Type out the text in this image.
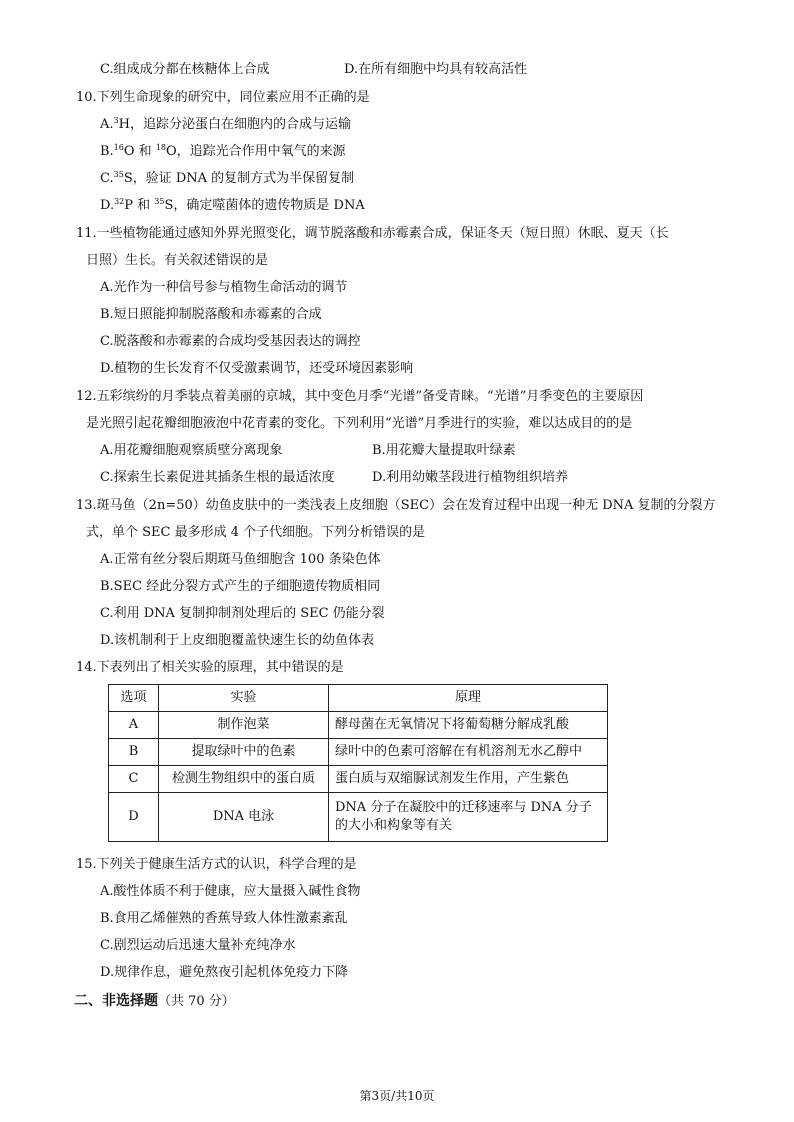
C.组成成分都在核糖体上合成	D.在所有细胞中均具有较高活性
10.下列生命现象的研究中，同位素应用不正确的是
A.$^3$H，追踪分泌蛋白在细胞内的合成与运输
B.$^{16}$O 和 $^{18}$O，追踪光合作用中氧气的来源
C.$^{35}$S，验证 DNA 的复制方式为半保留复制
D.$^{32}$P 和 $^{35}$S，确定噬菌体的遗传物质是 DNA
11.一些植物能通过感知外界光照变化，调节脱落酸和赤霉素合成，保证冬天（短日照）休眠、夏天（长
日照）生长。有关叙述错误的是
A.光作为一种信号参与植物生命活动的调节
B.短日照能抑制脱落酸和赤霉素的合成
C.脱落酸和赤霉素的合成均受基因表达的调控
D.植物的生长发育不仅受激素调节，还受环境因素影响
12.五彩缤纷的月季装点着美丽的京城，其中变色月季“光谱”备受青睐。“光谱”月季变色的主要原因
是光照引起花瓣细胞液泡中花青素的变化。下列利用“光谱”月季进行的实验，难以达成目的的是
A.用花瓣细胞观察质壁分离现象	B.用花瓣大量提取叶绿素
C.探索生长素促进其插条生根的最适浓度	D.利用幼嫩茎段进行植物组织培养
13.斑马鱼（2n=50）幼鱼皮肤中的一类浅表上皮细胞（SEC）会在发育过程中出现一种无 DNA 复制的分裂方
式，单个 SEC 最多形成 4 个子代细胞。下列分析错误的是
A.正常有丝分裂后期斑马鱼细胞含 100 条染色体
B.SEC 经此分裂方式产生的子细胞遗传物质相同
C.利用 DNA 复制抑制剂处理后的 SEC 仍能分裂
D.该机制利于上皮细胞覆盖快速生长的幼鱼体表
14.下表列出了相关实验的原理，其中错误的是
选项	实验	原理
A	制作泡菜	酵母菌在无氧情况下将葡萄糖分解成乳酸
B	提取绿叶中的色素	绿叶中的色素可溶解在有机溶剂无水乙醇中
C	检测生物组织中的蛋白质	蛋白质与双缩脲试剂发生作用，产生紫色
D	DNA 电泳	DNA 分子在凝胶中的迁移速率与 DNA 分子的大小和构象等有关
15.下列关于健康生活方式的认识，科学合理的是
A.酸性体质不利于健康，应大量摄入碱性食物
B.食用乙烯催熟的香蕉导致人体性激素紊乱
C.剧烈运动后迅速大量补充纯净水
D.规律作息，避免熬夜引起机体免疫力下降
二、非选择题（共 70 分）
第3页/共10页
